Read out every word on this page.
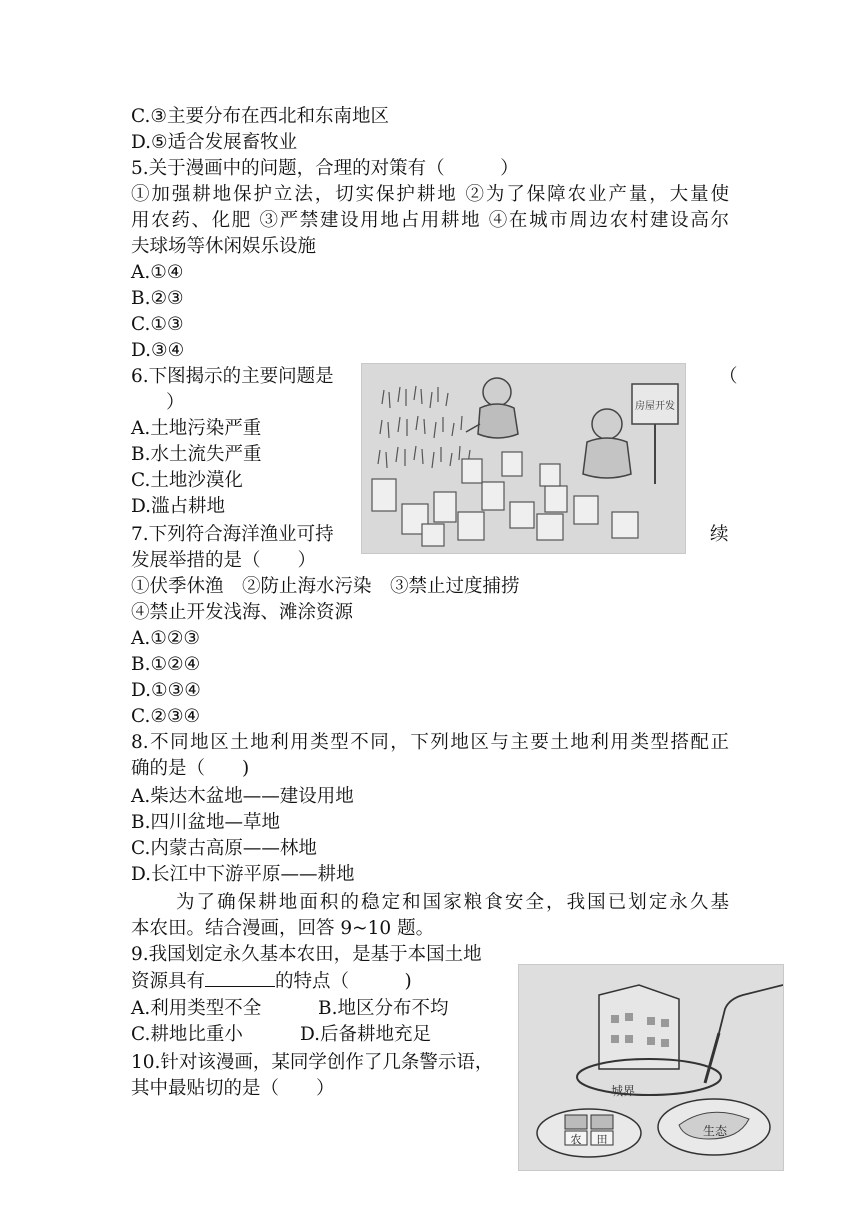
C.③主要分布在西北和东南地区
D.⑤适合发展畜牧业
5.关于漫画中的问题，合理的对策有（　　　）
①加强耕地保护立法，切实保护耕地 ②为了保障农业产量，大量使
用农药、化肥 ③严禁建设用地占用耕地 ④在城市周边农村建设高尔
夫球场等休闲娱乐设施
A.①④
B.②③
C.①③
D.③④
6.下图揭示的主要问题是	（
）
A.土地污染严重
B.水土流失严重
C.土地沙漠化
D.滥占耕地
7.下列符合海洋渔业可持	续
发展举措的是（　　）
①伏季休渔　②防止海水污染　③禁止过度捕捞
④禁止开发浅海、滩涂资源
A.①②③
B.①②④
D.①③④
C.②③④
8.不同地区土地利用类型不同，下列地区与主要土地利用类型搭配正
确的是（　　)
A.柴达木盆地——建设用地
B.四川盆地—草地
C.内蒙古高原——林地
D.长江中下游平原——耕地
为了确保耕地面积的稳定和国家粮食安全，我国已划定永久基
本农田。结合漫画，回答 9~10 题。
9.我国划定永久基本农田，是基于本国土地
资源具有	的特点（　　　)
A.利用类型不全	B.地区分布不均
C.耕地比重小	D.后备耕地充足
10.针对该漫画，某同学创作了几条警示语，
其中最贴切的是（　　）
房屋开发
城界
农 田
生态
